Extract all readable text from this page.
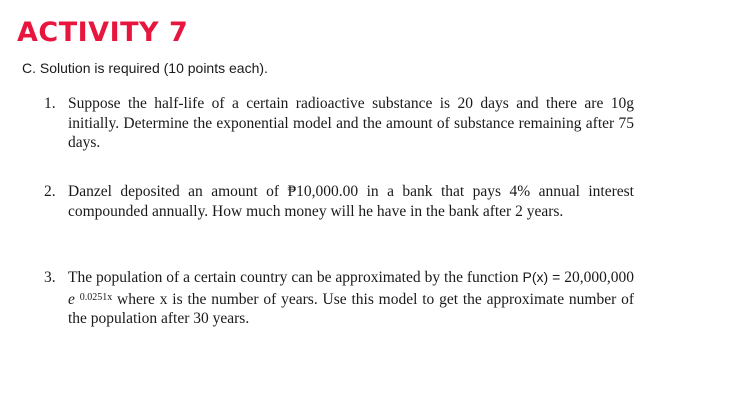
ACTIVITY 7
C. Solution is required (10 points each).
1. Suppose the half-life of a certain radioactive substance is 20 days and there are 10g initially. Determine the exponential model and the amount of substance remaining after 75 days.
2. Danzel deposited an amount of ₱10,000.00 in a bank that pays 4% annual interest compounded annually. How much money will he have in the bank after 2 years.
3. The population of a certain country can be approximated by the function P(x) = 20,000,000 e $^{0.0251x}$ where x is the number of years. Use this model to get the approximate number of the population after 30 years.
